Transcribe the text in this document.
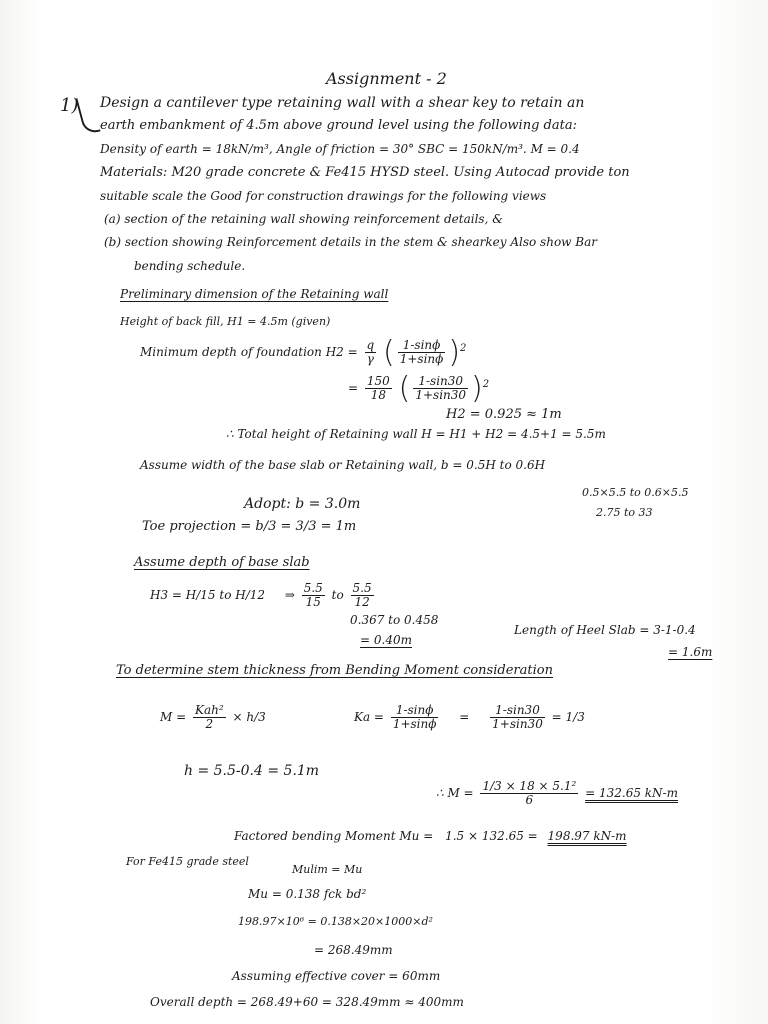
Assignment - 2
1) Design a cantilever type retaining wall with a shear key to retain an
earth embankment of 4.5m above ground level using the following data:
Density of earth = 18kN/m³, Angle of friction = 30° SBC = 150kN/m³. M = 0.4
Materials: M20 grade concrete & Fe415 HYSD steel. Using Autocad provide ton
suitable scale the Good for construction drawings for the following views
(a) section of the retaining wall showing reinforcement details, &
(b) section showing Reinforcement details in the stem & shearkey Also show Bar
bending schedule.
Preliminary dimension of the Retaining wall
Height of back fill, H1 = 4.5m (given)
Minimum depth of foundation $H2 = \frac{q}{\gamma}$ ( $\frac{1-\sin\phi}{1+\sin\phi} )^2$
= $\frac{150}{18}$ ( $\frac{1-\sin 30}{1+\sin 30} )^2$
H2 = 0.925 ≈ 1m
∴ Total height of Retaining wall H = H1 + H2 = 4.5+1 = 5.5m
Assume width of the base slab or Retaining wall, b = 0.5H to 0.6H
0.5×5.5 to 0.6×5.5
2.75 to 33
Adopt: b = 3.0m
Toe projection = b/3 = 3/3 = 1m
Assume depth of base slab
H3 = H/15 to H/12 ⇒ $\frac{5.5}{15}$ to $\frac{5.5}{12}$
0.367 to 0.458
= 0.40m
Length of Heel Slab = 3-1-0.4
= 1.6m
To determine stem thickness from Bending Moment consideration
$M = \frac{\text{Kah²}}{2} \times h/3$	$Ka = \frac{1-\sin\phi}{1+\sin\phi} = \frac{1-\sin 30}{1+\sin 30} = 1/3$
h = 5.5-0.4 = 5.1m
∴ $M = \frac{\text{1/3 × 18 × 5.1²}}{6} = 132.65$ kN-m
Factored bending Moment Mu = 1.5 × 132.65 = 198.97 kN-m
For Fe415 grade steel
Mulim = Mu
Mu = 0.138 fck bd²
198.97×10⁶ = 0.138×20×1000×d²
= 268.49mm
Assuming effective cover = 60mm
Overall depth = 268.49+60 = 328.49mm ≈ 400mm
